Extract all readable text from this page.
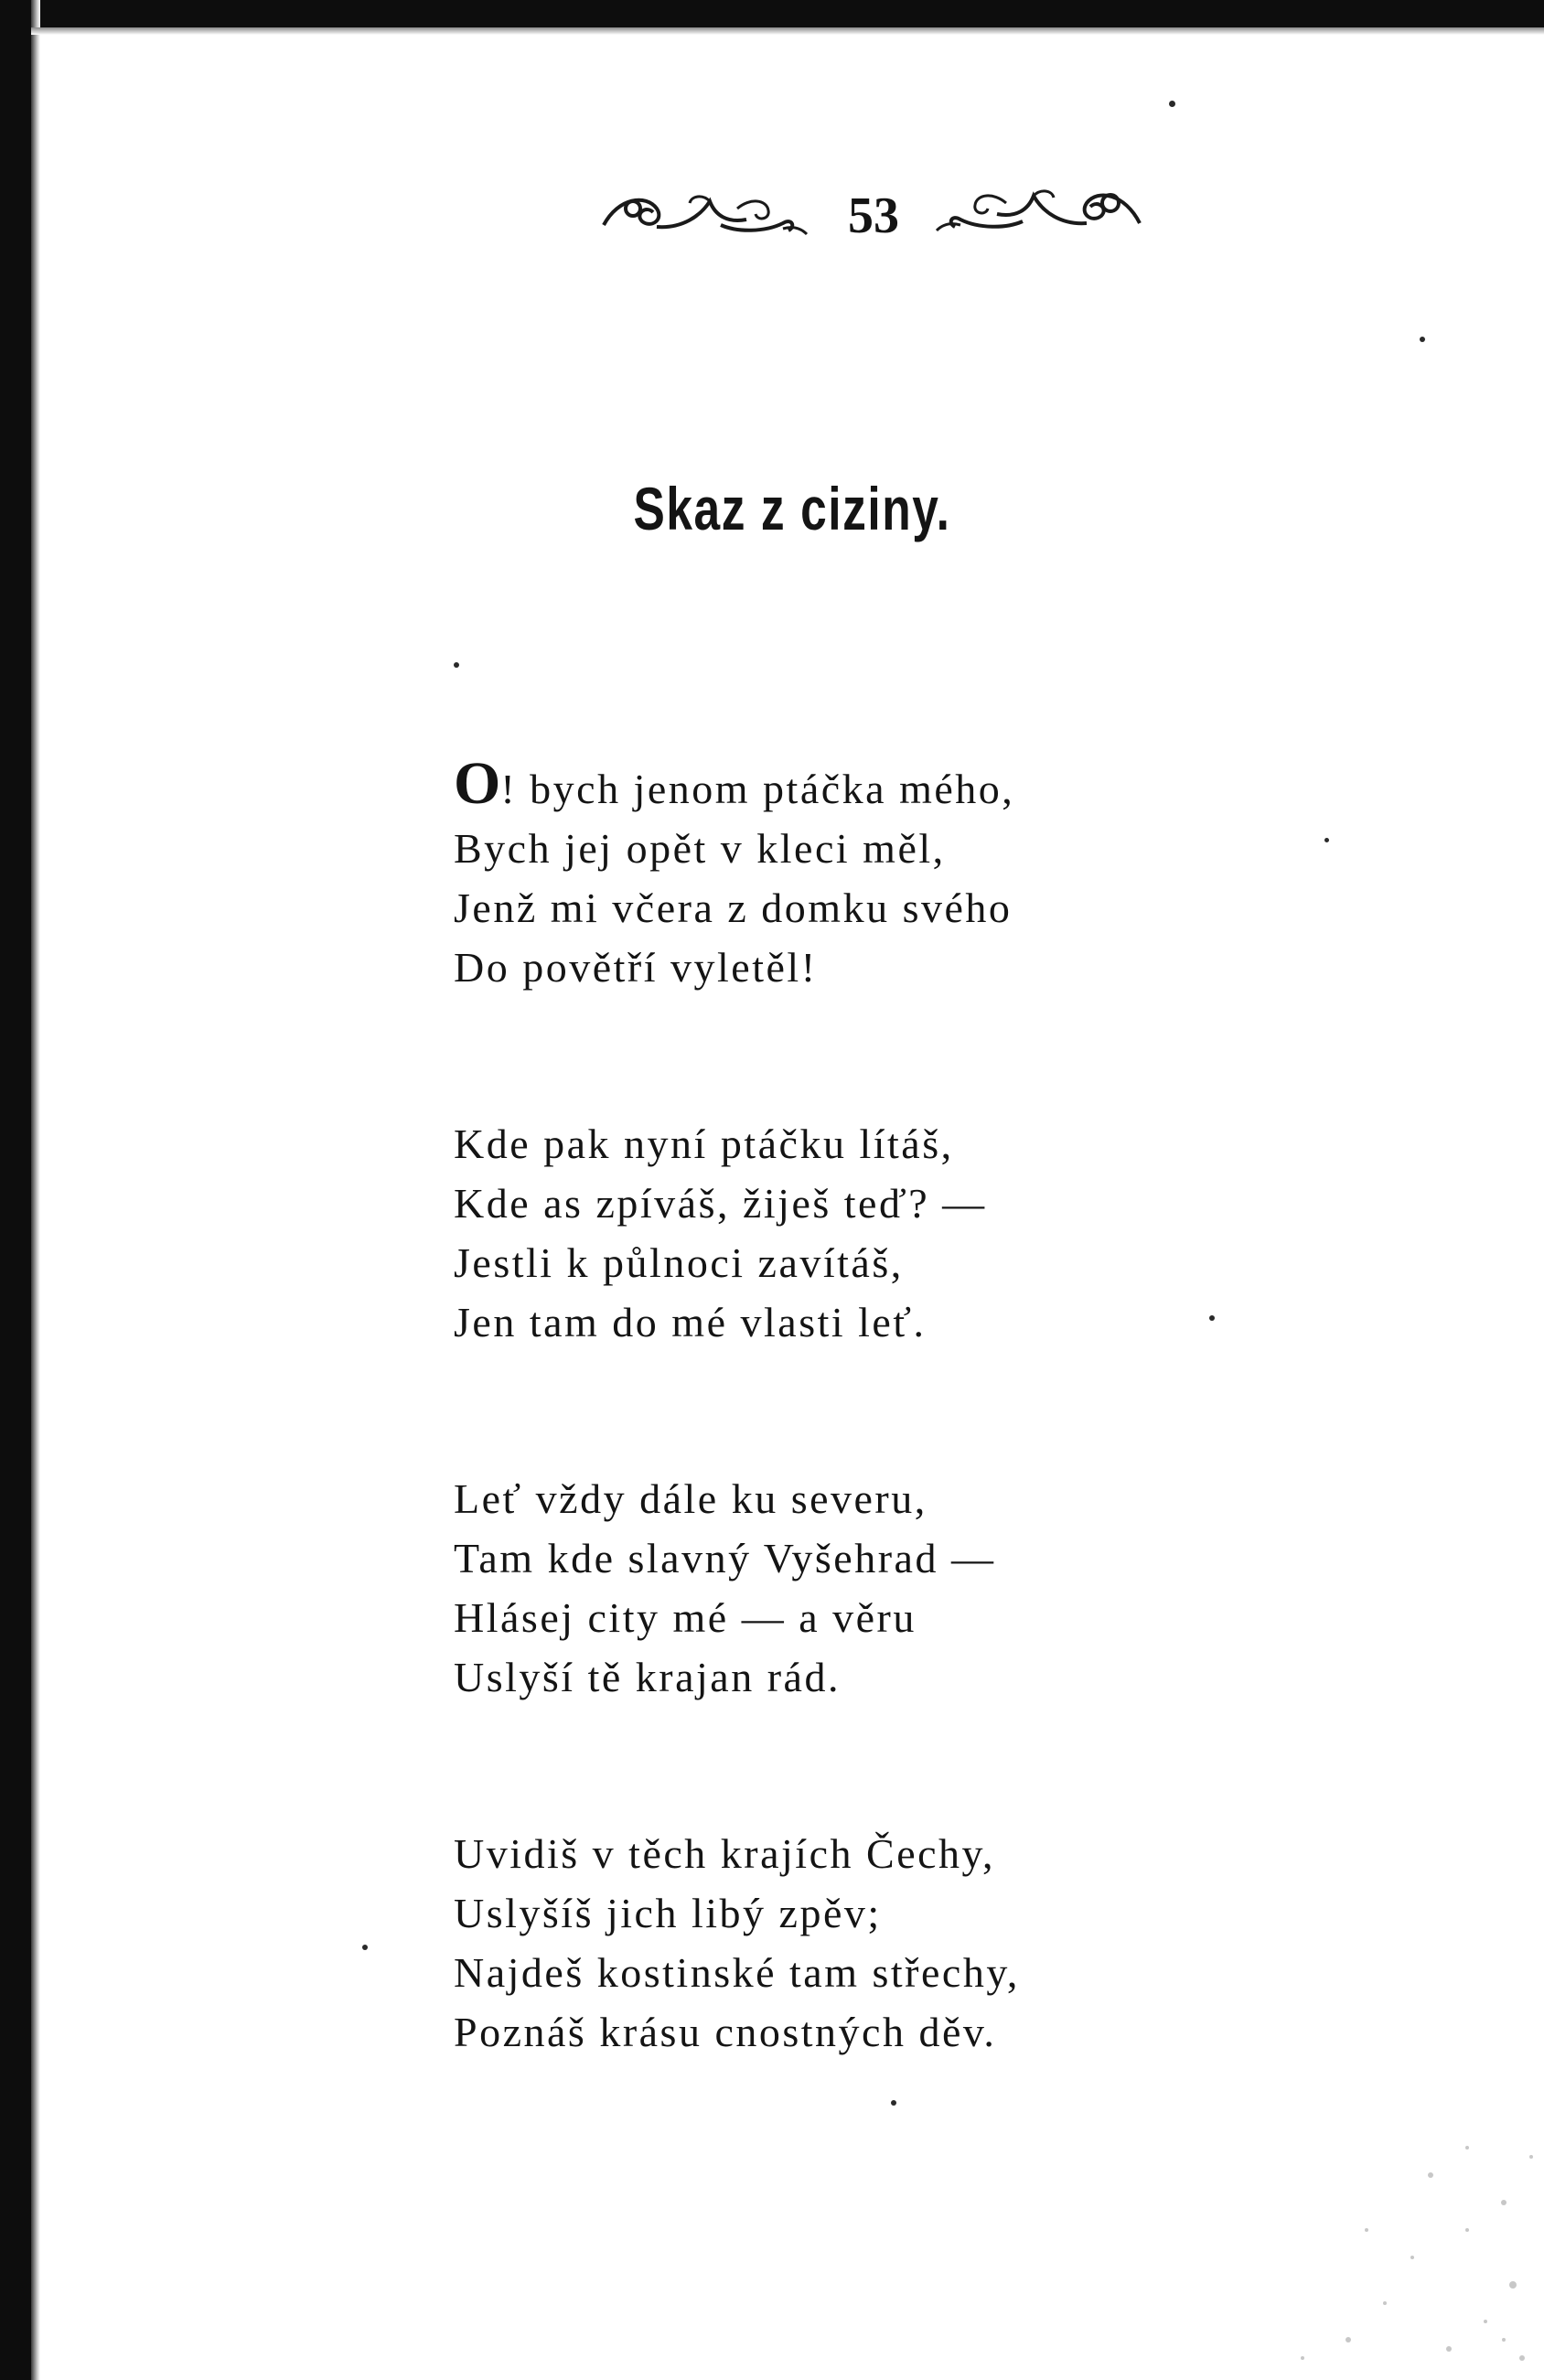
53
Skaz z ciziny.
O! bych jenom ptáčka mého,
Bych jej opět v kleci měl,
Jenž mi včera z domku svého
Do povětří vyletěl!
Kde pak nyní ptáčku lítáš,
Kde as zpíváš, žiješ teď? —
Jestli k půlnoci zavítáš,
Jen tam do mé vlasti leť.
Leť vždy dále ku severu,
Tam kde slavný Vyšehrad —
Hlásej city mé — a věru
Uslyší tě krajan rád.
Uvidiš v těch krajích Čechy,
Uslyšíš jich libý zpěv;
Najdeš kostinské tam střechy,
Poznáš krásu cnostných děv.
